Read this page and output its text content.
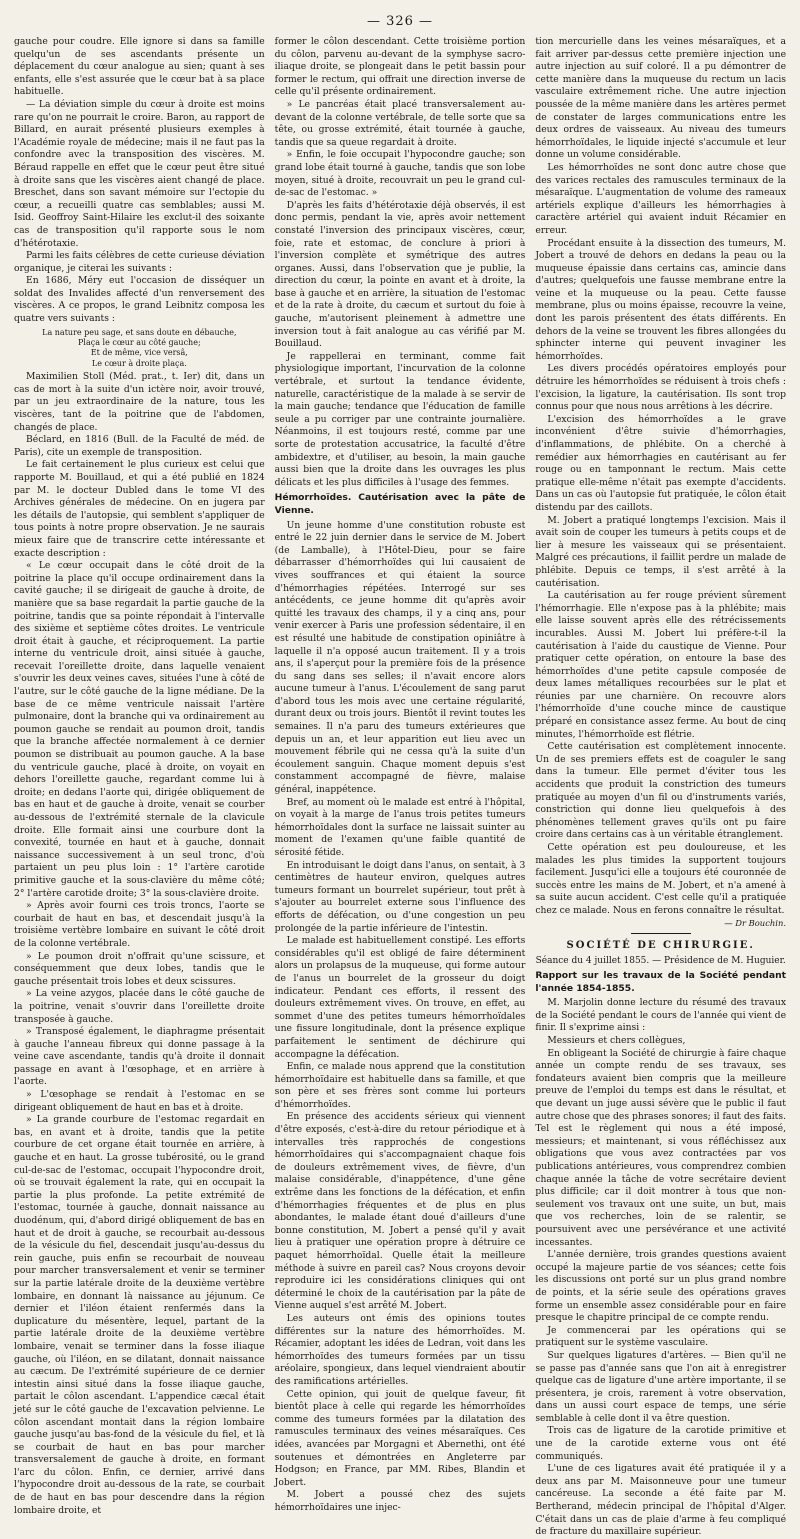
— 326 —

gauche pour coudre. Elle ignore si dans sa famille quelqu'un de ses ascendants présente un déplacement du cœur analogue au sien; quant à ses enfants, elle s'est assurée que le cœur bat à sa place habituelle.

— La déviation simple du cœur à droite est moins rare qu'on ne pourrait le croire. Baron, au rapport de Billard, en aurait présenté plusieurs exemples à l'Académie royale de médecine; mais il ne faut pas la confondre avec la transposition des viscères. M. Béraud rappelle en effet que le cœur peut être situé à droite sans que les viscères aient changé de place. Breschet, dans son savant mémoire sur l'ectopie du cœur, a recueilli quatre cas semblables; aussi M. Isid. Geoffroy Saint-Hilaire les exclut-il des soixante cas de transposition qu'il rapporte sous le nom d'hétérotaxie.

Parmi les faits célèbres de cette curieuse déviation organique, je citerai les suivants :

En 1686, Méry eut l'occasion de disséquer un soldat des Invalides affecté d'un renversement des viscères. A ce propos, le grand Leibnitz composa les quatre vers suivants :

La nature peu sage, et sans doute en débauche,
Plaça le cœur au côté gauche;
Et de même, vice versâ,
Le cœur à droite plaça.

Maximilien Stoll (Méd. prat., t. Ier) dit, dans un cas de mort à la suite d'un ictère noir, avoir trouvé, par un jeu extraordinaire de la nature, tous les viscères, tant de la poitrine que de l'abdomen, changés de place.

Béclard, en 1816 (Bull. de la Faculté de méd. de Paris), cite un exemple de transposition.

Le fait certainement le plus curieux est celui que rapporte M. Bouillaud, et qui a été publié en 1824 par M. le docteur Dubled dans le tome VI des Archives générales de médecine. On en jugera par les détails de l'autopsie, qui semblent s'appliquer de tous points à notre propre observation. Je ne saurais mieux faire que de transcrire cette intéressante et exacte description :

« Le cœur occupait dans le côté droit de la poitrine la place qu'il occupe ordinairement dans la cavité gauche; il se dirigeait de gauche à droite, de manière que sa base regardait la partie gauche de la poitrine, tandis que sa pointe répondait à l'intervalle des sixième et septième côtes droites. Le ventricule droit était à gauche, et réciproquement. La partie interne du ventricule droit, ainsi située à gauche, recevait l'oreillette droite, dans laquelle venaient s'ouvrir les deux veines caves, situées l'une à côté de l'autre, sur le côté gauche de la ligne médiane. De la base de ce même ventricule naissait l'artère pulmonaire, dont la branche qui va ordinairement au poumon gauche se rendait au poumon droit, tandis que la branche affectée normalement à ce dernier poumon se distribuait au poumon gauche. A la base du ventricule gauche, placé à droite, on voyait en dehors l'oreillette gauche, regardant comme lui à droite; en dedans l'aorte qui, dirigée obliquement de bas en haut et de gauche à droite, venait se courber au-dessous de l'extrémité sternale de la clavicule droite. Elle formait ainsi une courbure dont la convexité, tournée en haut et à gauche, donnait naissance successivement à un seul tronc, d'où partaient un peu plus loin : 1° l'artère carotide primitive gauche et la sous-clavière du même côté; 2° l'artère carotide droite; 3° la sous-clavière droite.

» Après avoir fourni ces trois troncs, l'aorte se courbait de haut en bas, et descendait jusqu'à la troisième vertèbre lombaire en suivant le côté droit de la colonne vertébrale.

» Le poumon droit n'offrait qu'une scissure, et conséquemment que deux lobes, tandis que le gauche présentait trois lobes et deux scissures.

» La veine azygos, placée dans le côté gauche de la poitrine, venait s'ouvrir dans l'oreillette droite transposée à gauche.

» Transposé également, le diaphragme présentait à gauche l'anneau fibreux qui donne passage à la veine cave ascendante, tandis qu'à droite il donnait passage en avant à l'œsophage, et en arrière à l'aorte.

» L'œsophage se rendait à l'estomac en se dirigeant obliquement de haut en bas et à droite.

» La grande courbure de l'estomac regardait en bas, en avant et à droite, tandis que la petite courbure de cet organe était tournée en arrière, à gauche et en haut. La grosse tubérosité, ou le grand cul-de-sac de l'estomac, occupait l'hypocondre droit, où se trouvait également la rate, qui en occupait la partie la plus profonde. La petite extrémité de l'estomac, tournée à gauche, donnait naissance au duodénum, qui, d'abord dirigé obliquement de bas en haut et de droit à gauche, se recourbait au-dessous de la vésicule du fiel, descendait jusqu'au-dessus du rein gauche, puis enfin se recourbait de nouveau pour marcher transversalement et venir se terminer sur la partie latérale droite de la deuxième vertèbre lombaire, en donnant là naissance au jéjunum. Ce dernier et l'iléon étaient renfermés dans la duplicature du mésentère, lequel, partant de la partie latérale droite de la deuxième vertèbre lombaire, venait se terminer dans la fosse iliaque gauche, où l'iléon, en se dilatant, donnait naissance au cæcum. De l'extrémité supérieure de ce dernier intestin ainsi situé dans la fosse iliaque gauche, partait le côlon ascendant. L'appendice cæcal était jeté sur le côté gauche de l'excavation pelvienne. Le côlon ascendant montait dans la région lombaire gauche jusqu'au bas-fond de la vésicule du fiel, et là se courbait de haut en bas pour marcher transversalement de gauche à droite, en formant l'arc du côlon. Enfin, ce dernier, arrivé dans l'hypocondre droit au-dessous de la rate, se courbait de de haut en bas pour descendre dans la région lombaire droite, et

former le côlon descendant. Cette troisième portion du côlon, parvenu au-devant de la symphyse sacro-iliaque droite, se plongeait dans le petit bassin pour former le rectum, qui offrait une direction inverse de celle qu'il présente ordinairement.

» Le pancréas était placé transversalement au-devant de la colonne vertébrale, de telle sorte que sa tête, ou grosse extrémité, était tournée à gauche, tandis que sa queue regardait à droite.

» Enfin, le foie occupait l'hypocondre gauche; son grand lobe était tourné à gauche, tandis que son lobe moyen, situé à droite, recouvrait un peu le grand cul-de-sac de l'estomac. »

D'après les faits d'hétérotaxie déjà observés, il est donc permis, pendant la vie, après avoir nettement constaté l'inversion des principaux viscères, cœur, foie, rate et estomac, de conclure à priori à l'inversion complète et symétrique des autres organes. Aussi, dans l'observation que je publie, la direction du cœur, la pointe en avant et à droite, la base à gauche et en arrière, la situation de l'estomac et de la rate à droite, du cæcum et surtout du foie à gauche, m'autorisent pleinement à admettre une inversion tout à fait analogue au cas vérifié par M. Bouillaud.

Je rappellerai en terminant, comme fait physiologique important, l'incurvation de la colonne vertébrale, et surtout la tendance évidente, naturelle, caractéristique de la malade à se servir de la main gauche; tendance que l'éducation de famille seule a pu corriger par une contrainte journalière. Néanmoins, il est toujours resté, comme par une sorte de protestation accusatrice, la faculté d'être ambidextre, et d'utiliser, au besoin, la main gauche aussi bien que la droite dans les ouvrages les plus délicats et les plus difficiles à l'usage des femmes.

Hémorrhoïdes. Cautérisation avec la pâte de Vienne.

Un jeune homme d'une constitution robuste est entré le 22 juin dernier dans le service de M. Jobert (de Lamballe), à l'Hôtel-Dieu, pour se faire débarrasser d'hémorrhoïdes qui lui causaient de vives souffrances et qui étaient la source d'hémorrhagies répétées. Interrogé sur ses antécédents, ce jeune homme dit qu'après avoir quitté les travaux des champs, il y a cinq ans, pour venir exercer à Paris une profession sédentaire, il en est résulté une habitude de constipation opiniâtre à laquelle il n'a opposé aucun traitement. Il y a trois ans, il s'aperçut pour la première fois de la présence du sang dans ses selles; il n'avait encore alors aucune tumeur à l'anus. L'écoulement de sang parut d'abord tous les mois avec une certaine régularité, durant deux ou trois jours. Bientôt il revint toutes les semaines. Il n'a paru des tumeurs extérieures que depuis un an, et leur apparition eut lieu avec un mouvement fébrile qui ne cessa qu'à la suite d'un écoulement sanguin. Chaque moment depuis s'est constamment accompagné de fièvre, malaise général, inappétence.

Bref, au moment où le malade est entré à l'hôpital, on voyait à la marge de l'anus trois petites tumeurs hémorrhoïdales dont la surface ne laissait suinter au moment de l'examen qu'une faible quantité de sérosité fétide.

En introduisant le doigt dans l'anus, on sentait, à 3 centimètres de hauteur environ, quelques autres tumeurs formant un bourrelet supérieur, tout prêt à s'ajouter au bourrelet externe sous l'influence des efforts de défécation, ou d'une congestion un peu prolongée de la partie inférieure de l'intestin.

Le malade est habituellement constipé. Les efforts considérables qu'il est obligé de faire déterminent alors un prolapsus de la muqueuse, qui forme autour de l'anus un bourrelet de la grosseur du doigt indicateur. Pendant ces efforts, il ressent des douleurs extrêmement vives. On trouve, en effet, au sommet d'une des petites tumeurs hémorrhoïdales une fissure longitudinale, dont la présence explique parfaitement le sentiment de déchirure qui accompagne la défécation.

Enfin, ce malade nous apprend que la constitution hémorrhoïdaire est habituelle dans sa famille, et que son père et ses frères sont comme lui porteurs d'hémorrhoïdes.

En présence des accidents sérieux qui viennent d'être exposés, c'est-à-dire du retour périodique et à intervalles très rapprochés de congestions hémorrhoïdaires qui s'accompagnaient chaque fois de douleurs extrêmement vives, de fièvre, d'un malaise considérable, d'inappétence, d'une gêne extrême dans les fonctions de la défécation, et enfin d'hémorrhagies fréquentes et de plus en plus abondantes, le malade étant doué d'ailleurs d'une bonne constitution, M. Jobert a pensé qu'il y avait lieu à pratiquer une opération propre à détruire ce paquet hémorrhoïdal. Quelle était la meilleure méthode à suivre en pareil cas? Nous croyons devoir reproduire ici les considérations cliniques qui ont déterminé le choix de la cautérisation par la pâte de Vienne auquel s'est arrêté M. Jobert.

Les auteurs ont émis des opinions toutes différentes sur la nature des hémorrhoïdes. M. Récamier, adoptant les idées de Ledran, voit dans les hémorrhoïdes des tumeurs formées par un tissu aréolaire, spongieux, dans lequel viendraient aboutir des ramifications artérielles.

Cette opinion, qui jouit de quelque faveur, fit bientôt place à celle qui regarde les hémorrhoïdes comme des tumeurs formées par la dilatation des ramuscules terminaux des veines mésaraïques. Ces idées, avancées par Morgagni et Abernethi, ont été soutenues et démontrées en Angleterre par Hodgson; en France, par MM. Ribes, Blandin et Jobert.

M. Jobert a poussé chez des sujets hémorrhoïdaires une injec-

tion mercurielle dans les veines mésaraïques, et a fait arriver par-dessus cette première injection une autre injection au suif coloré. Il a pu démontrer de cette manière dans la muqueuse du rectum un lacis vasculaire extrêmement riche. Une autre injection poussée de la même manière dans les artères permet de constater de larges communications entre les deux ordres de vaisseaux. Au niveau des tumeurs hémorrhoïdales, le liquide injecté s'accumule et leur donne un volume considérable.

Les hémorrhoïdes ne sont donc autre chose que des varices rectales des ramuscules terminaux de la mésaraïque. L'augmentation de volume des rameaux artériels explique d'ailleurs les hémorrhagies à caractère artériel qui avaient induit Récamier en erreur.

Procédant ensuite à la dissection des tumeurs, M. Jobert a trouvé de dehors en dedans la peau ou la muqueuse épaissie dans certains cas, amincie dans d'autres; quelquefois une fausse membrane entre la veine et la muqueuse ou la peau. Cette fausse membrane, plus ou moins épaisse, recouvre la veine, dont les parois présentent des états différents. En dehors de la veine se trouvent les fibres allongées du sphincter interne qui peuvent invaginer les hémorrhoïdes.

Les divers procédés opératoires employés pour détruire les hémorrhoïdes se réduisent à trois chefs : l'excision, la ligature, la cautérisation. Ils sont trop connus pour que nous nous arrêtions à les décrire.

L'excision des hémorrhoïdes a le grave inconvénient d'être suivie d'hémorrhagies, d'inflammations, de phlébite. On a cherché à remédier aux hémorrhagies en cautérisant au fer rouge ou en tamponnant le rectum. Mais cette pratique elle-même n'était pas exempte d'accidents. Dans un cas où l'autopsie fut pratiquée, le côlon était distendu par des caillots.

M. Jobert a pratiqué longtemps l'excision. Mais il avait soin de couper les tumeurs à petits coups et de lier à mesure les vaisseaux qui se présentaient. Malgré ces précautions, il faillit perdre un malade de phlébite. Depuis ce temps, il s'est arrêté à la cautérisation.

La cautérisation au fer rouge prévient sûrement l'hémorrhagie. Elle n'expose pas à la phlébite; mais elle laisse souvent après elle des rétrécissements incurables. Aussi M. Jobert lui préfère-t-il la cautérisation à l'aide du caustique de Vienne. Pour pratiquer cette opération, on entoure la base des hémorrhoïdes d'une petite capsule composée de deux lames métalliques recourbées sur le plat et réunies par une charnière. On recouvre alors l'hémorrhoïde d'une couche mince de caustique préparé en consistance assez ferme. Au bout de cinq minutes, l'hémorrhoïde est flétrie.

Cette cautérisation est complètement innocente. Un de ses premiers effets est de coaguler le sang dans la tumeur. Elle permet d'éviter tous les accidents que produit la constriction des tumeurs pratiquée au moyen d'un fil ou d'instruments variés, constriction qui donne lieu quelquefois à des phénomènes tellement graves qu'ils ont pu faire croire dans certains cas à un véritable étranglement.

Cette opération est peu douloureuse, et les malades les plus timides la supportent toujours facilement. Jusqu'ici elle a toujours été couronnée de succès entre les mains de M. Jobert, et n'a amené à sa suite aucun accident. C'est celle qu'il a pratiquée chez ce malade. Nous en ferons connaître le résultat.

— Dr Bouchin.
SOCIÉTÉ DE CHIRURGIE.
Séance du 4 juillet 1855. — Présidence de M. Huguier.
Rapport sur les travaux de la Société pendant l'année 1854-1855.

M. Marjolin donne lecture du résumé des travaux de la Société pendant le cours de l'année qui vient de finir. Il s'exprime ainsi :

Messieurs et chers collègues,

En obligeant la Société de chirurgie à faire chaque année un compte rendu de ses travaux, ses fondateurs avaient bien compris que la meilleure preuve de l'emploi du temps est dans le résultat, et que devant un juge aussi sévère que le public il faut autre chose que des phrases sonores; il faut des faits. Tel est le règlement qui nous a été imposé, messieurs; et maintenant, si vous réfléchissez aux obligations que vous avez contractées par vos publications antérieures, vous comprendrez combien chaque année la tâche de votre secrétaire devient plus difficile; car il doit montrer à tous que non-seulement vos travaux ont une suite, un but, mais que vos recherches, loin de se ralentir, se poursuivent avec une persévérance et une activité incessantes.

L'année dernière, trois grandes questions avaient occupé la majeure partie de vos séances; cette fois les discussions ont porté sur un plus grand nombre de points, et la série seule des opérations graves forme un ensemble assez considérable pour en faire presque le chapitre principal de ce compte rendu.

Je commencerai par les opérations qui se pratiquent sur le système vasculaire.

Sur quelques ligatures d'artères. — Bien qu'il ne se passe pas d'année sans que l'on ait à enregistrer quelque cas de ligature d'une artère importante, il se présentera, je crois, rarement à votre observation, dans un aussi court espace de temps, une série semblable à celle dont il va être question.

Trois cas de ligature de la carotide primitive et une de la carotide externe vous ont été communiqués.

L'une de ces ligatures avait été pratiquée il y a deux ans par M. Maisonneuve pour une tumeur cancéreuse. La seconde a été faite par M. Bertherand, médecin principal de l'hôpital d'Alger. C'était dans un cas de plaie d'arme à feu compliqué de fracture du maxillaire supérieur.
